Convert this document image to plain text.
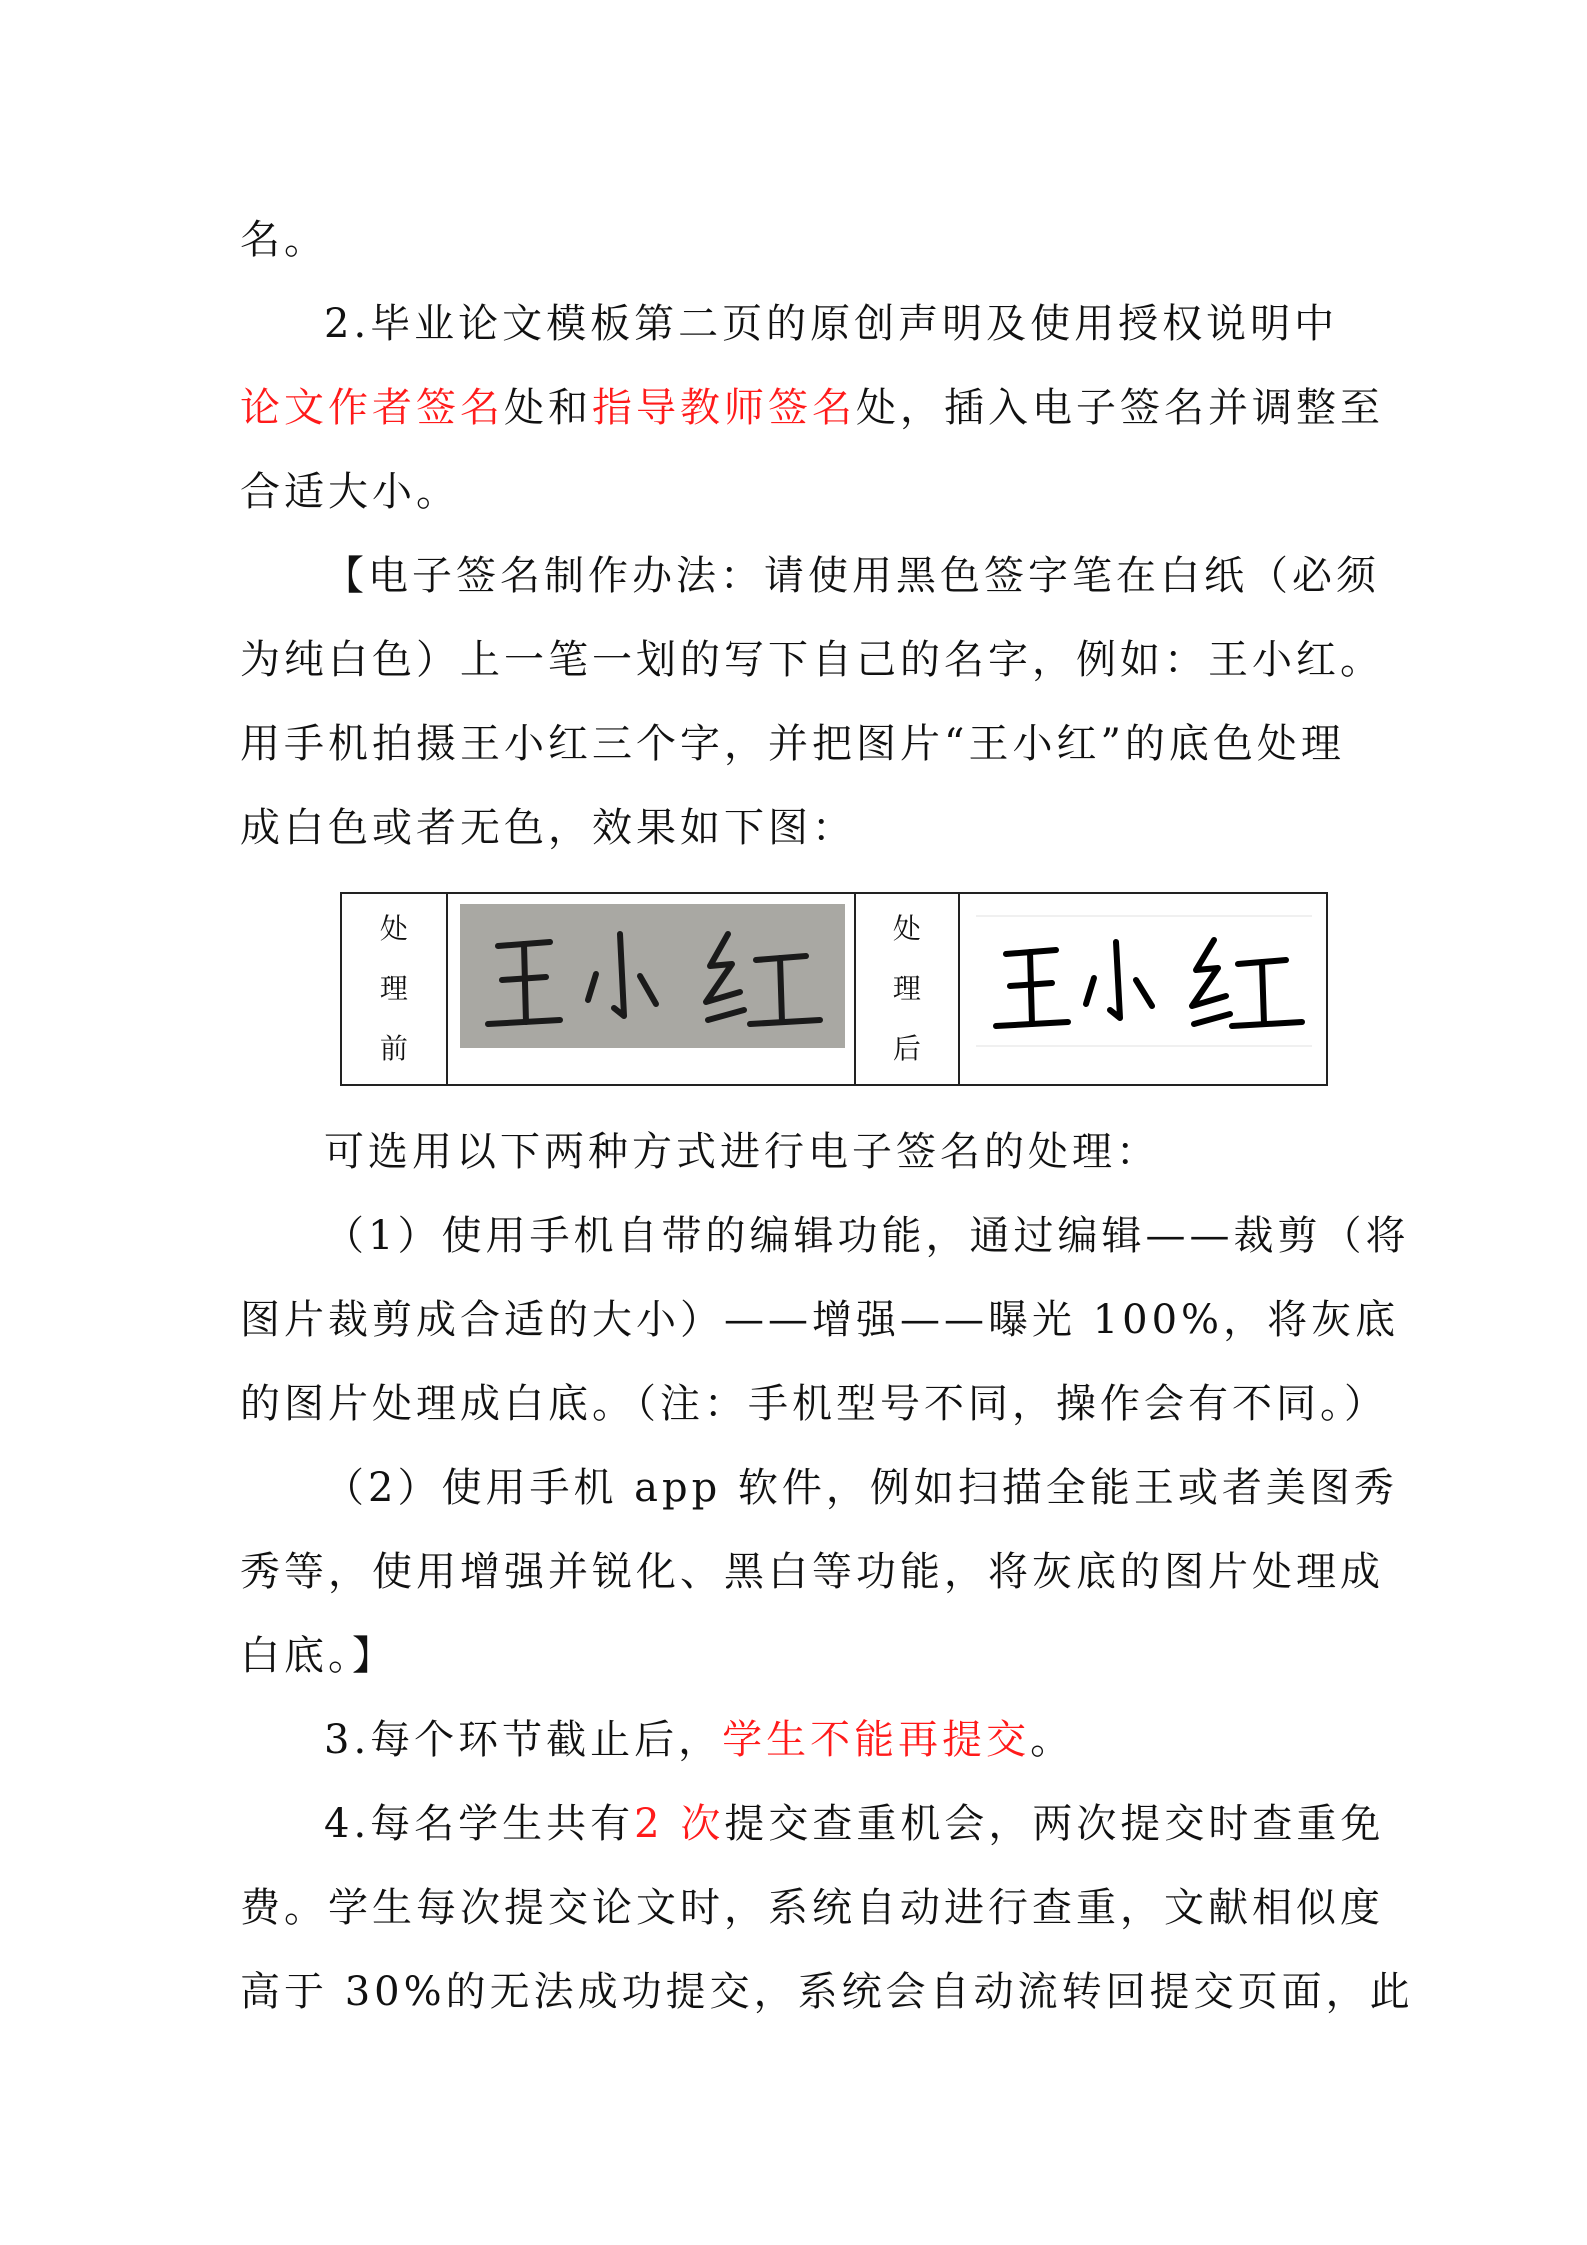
名。
2.毕业论文模板第二页的原创声明及使用授权说明中
论文作者签名处和指导教师签名处，插入电子签名并调整至
合适大小。
【电子签名制作办法：请使用黑色签字笔在白纸（必须
为纯白色）上一笔一划的写下自己的名字，例如：王小红。
用手机拍摄王小红三个字，并把图片“王小红”的底色处理
成白色或者无色，效果如下图：
处
理
前
处
理
后
可选用以下两种方式进行电子签名的处理：
（1）使用手机自带的编辑功能，通过编辑——裁剪（将
图片裁剪成合适的大小）——增强——曝光 100%，将灰底
的图片处理成白底。（注：手机型号不同，操作会有不同。）
（2）使用手机 app 软件，例如扫描全能王或者美图秀
秀等，使用增强并锐化、黑白等功能，将灰底的图片处理成
白底。】
3.每个环节截止后，学生不能再提交。
4.每名学生共有2 次提交查重机会，两次提交时查重免
费。学生每次提交论文时，系统自动进行查重，文献相似度
高于 30%的无法成功提交，系统会自动流转回提交页面，此
